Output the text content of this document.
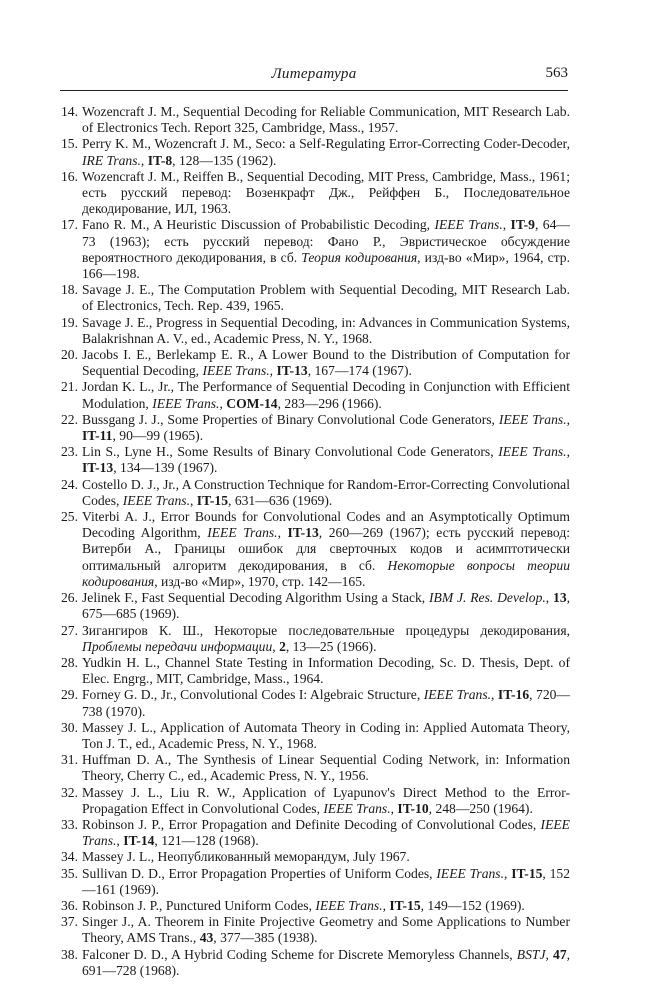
Литература	563
14. Wozencraft J. M., Sequential Decoding for Reliable Communication, MIT Research Lab. of Electronics Tech. Report 325, Cambridge, Mass., 1957.
15. Perry K. M., Wozencraft J. M., Seco: a Self-Regulating Error-Correcting Coder-Decoder, IRE Trans., IT-8, 128—135 (1962).
16. Wozencraft J. M., Reiffen B., Sequential Decoding, MIT Press, Cambridge, Mass., 1961; есть русский перевод: Возенкрафт Дж., Рейффен Б., Последовательное декодирование, ИЛ, 1963.
17. Fano R. M., A Heuristic Discussion of Probabilistic Decoding, IEEE Trans., IT-9, 64—73 (1963); есть русский перевод: Фано Р., Эвристическое обсуждение вероятностного декодирования, в сб. Теория кодирования, изд-во «Мир», 1964, стр. 166—198.
18. Savage J. E., The Computation Problem with Sequential Decoding, MIT Research Lab. of Electronics, Tech. Rep. 439, 1965.
19. Savage J. E., Progress in Sequential Decoding, in: Advances in Communication Systems, Balakrishnan A. V., ed., Academic Press, N. Y., 1968.
20. Jacobs I. E., Berlekamp E. R., A Lower Bound to the Distribution of Computation for Sequential Decoding, IEEE Trans., IT-13, 167—174 (1967).
21. Jordan K. L., Jr., The Performance of Sequential Decoding in Conjunction with Efficient Modulation, IEEE Trans., COM-14, 283—296 (1966).
22. Bussgang J. J., Some Properties of Binary Convolutional Code Generators, IEEE Trans., IT-11, 90—99 (1965).
23. Lin S., Lyne H., Some Results of Binary Convolutional Code Generators, IEEE Trans., IT-13, 134—139 (1967).
24. Costello D. J., Jr., A Construction Technique for Random-Error-Correcting Convolutional Codes, IEEE Trans., IT-15, 631—636 (1969).
25. Viterbi A. J., Error Bounds for Convolutional Codes and an Asymptotically Optimum Decoding Algorithm, IEEE Trans., IT-13, 260—269 (1967); есть русский перевод: Витерби А., Границы ошибок для сверточных кодов и асимптотически оптимальный алгоритм декодирования, в сб. Некоторые вопросы теории кодирования, изд-во «Мир», 1970, стр. 142—165.
26. Jelinek F., Fast Sequential Decoding Algorithm Using a Stack, IBM J. Res. Develop., 13, 675—685 (1969).
27. Зигангиров К. Ш., Некоторые последовательные процедуры декодирования, Проблемы передачи информации, 2, 13—25 (1966).
28. Yudkin H. L., Channel State Testing in Information Decoding, Sc. D. Thesis, Dept. of Elec. Engrg., MIT, Cambridge, Mass., 1964.
29. Forney G. D., Jr., Convolutional Codes I: Algebraic Structure, IEEE Trans., IT-16, 720—738 (1970).
30. Massey J. L., Application of Automata Theory in Coding in: Applied Automata Theory, Ton J. T., ed., Academic Press, N. Y., 1968.
31. Huffman D. A., The Synthesis of Linear Sequential Coding Network, in: Information Theory, Cherry C., ed., Academic Press, N. Y., 1956.
32. Massey J. L., Liu R. W., Application of Lyapunov's Direct Method to the Error-Propagation Effect in Convolutional Codes, IEEE Trans., IT-10, 248—250 (1964).
33. Robinson J. P., Error Propagation and Definite Decoding of Convolutional Codes, IEEE Trans., IT-14, 121—128 (1968).
34. Massey J. L., Неопубликованный меморандум, July 1967.
35. Sullivan D. D., Error Propagation Properties of Uniform Codes, IEEE Trans., IT-15, 152—161 (1969).
36. Robinson J. P., Punctured Uniform Codes, IEEE Trans., IT-15, 149—152 (1969).
37. Singer J., A. Theorem in Finite Projective Geometry and Some Applications to Number Theory, AMS Trans., 43, 377—385 (1938).
38. Falconer D. D., A Hybrid Coding Scheme for Discrete Memoryless Channels, BSTJ, 47, 691—728 (1968).
